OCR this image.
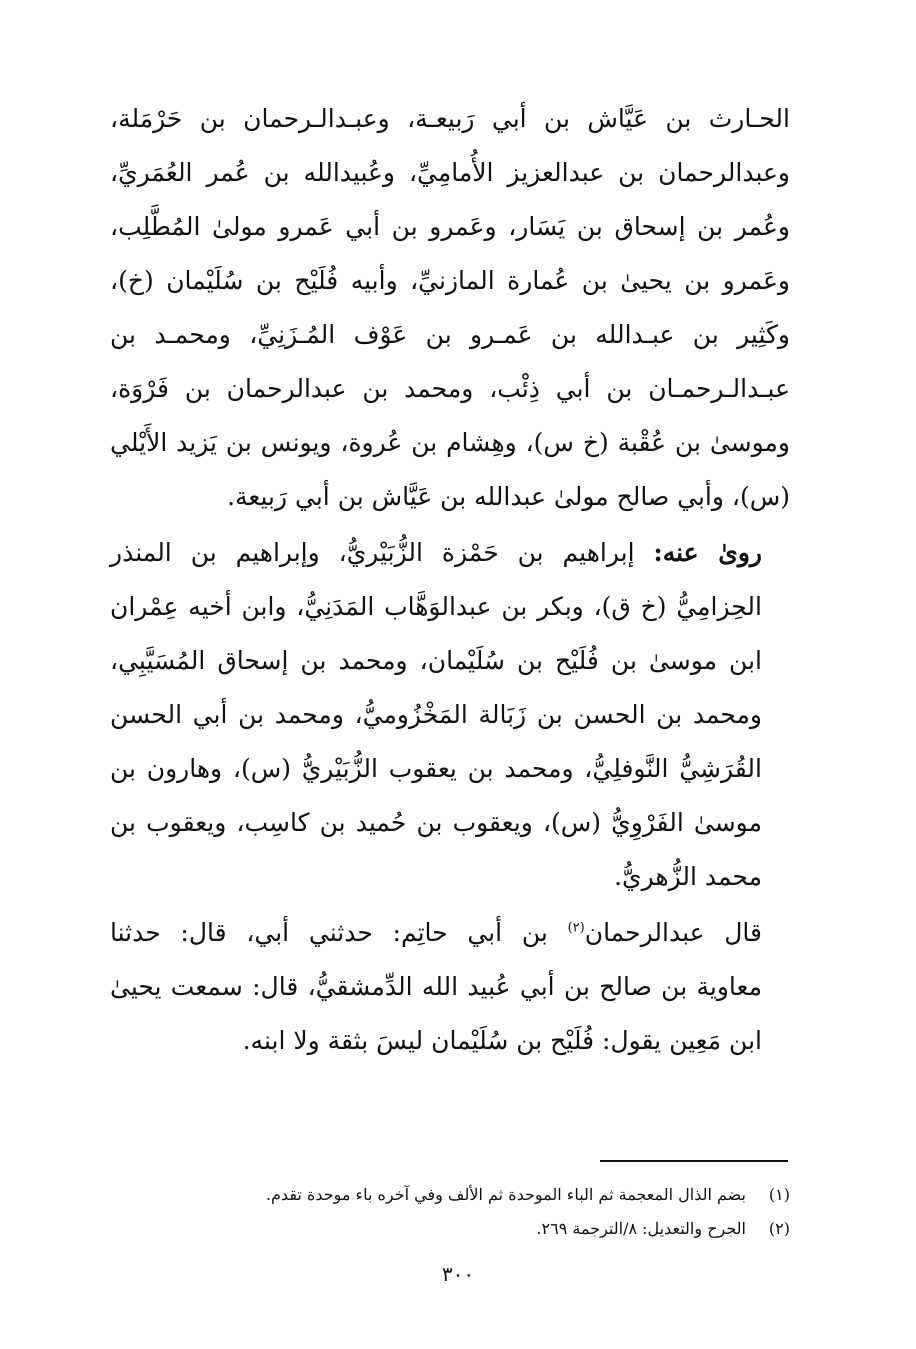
الحـارث بن عَيَّاش بن أبي رَبيعـة، وعبـدالـرحمان بن حَرْمَلة،
وعبدالرحمان بن عبدالعزيز الأُمامِيِّ، وعُبيدالله بن عُمر العُمَريِّ،
وعُمر بن إسحاق بن يَسَار، وعَمرو بن أبي عَمرو مولىٰ المُطَّلِب،
وعَمرو بن يحيىٰ بن عُمارة المازنيِّ، وأبيه فُلَيْح بن سُلَيْمان (خ)،
وكَثِير بن عبـدالله بن عَمـرو بن عَوْف المُـزَنِيِّ، ومحمـد بن
عبـدالـرحمـان بن أبي ذِئْب، ومحمد بن عبدالرحمان بن فَرْوَة،
وموسىٰ بن عُقْبة (خ س)، وهِشام بن عُروة، ويونس بن يَزيد الأَيْلي
(س)، وأبي صالح مولىٰ عبدالله بن عَيَّاش بن أبي رَبيعة.

روىٰ عنه: إبراهيم بن حَمْزة الزُّبَيْريُّ، وإبراهيم بن المنذر
الحِزامِيُّ (خ ق)، وبكر بن عبدالوَهَّاب المَدَنِيُّ، وابن أخيه عِمْران
ابن موسىٰ بن فُلَيْح بن سُلَيْمان، ومحمد بن إسحاق المُسَيَّبِي،
ومحمد بن الحسن بن زَبَالة المَخْزُوميُّ، ومحمد بن أبي الحسن
القُرَشِيُّ النَّوفلِيُّ، ومحمد بن يعقوب الزُّبَيْريُّ (س)، وهارون بن
موسىٰ الفَرْوِيُّ (س)، ويعقوب بن حُميد بن كاسِب، ويعقوب بن
محمد الزُّهريُّ.

قال عبدالرحمان$^{(٢)}$ بن أبي حاتِم: حدثني أبي، قال: حدثنا
معاوية بن صالح بن أبي عُبيد الله الدِّمشقيُّ، قال: سمعت يحيىٰ
ابن مَعِين يقول: فُلَيْح بن سُلَيْمان ليسَ بثقة ولا ابنه.

(١)بضم الذال المعجمة ثم الباء الموحدة ثم الألف وفي آخره باء موحدة تقدم.
(٢)الجرح والتعديل: ٨/الترجمة ٢٦٩.
٣٠٠
